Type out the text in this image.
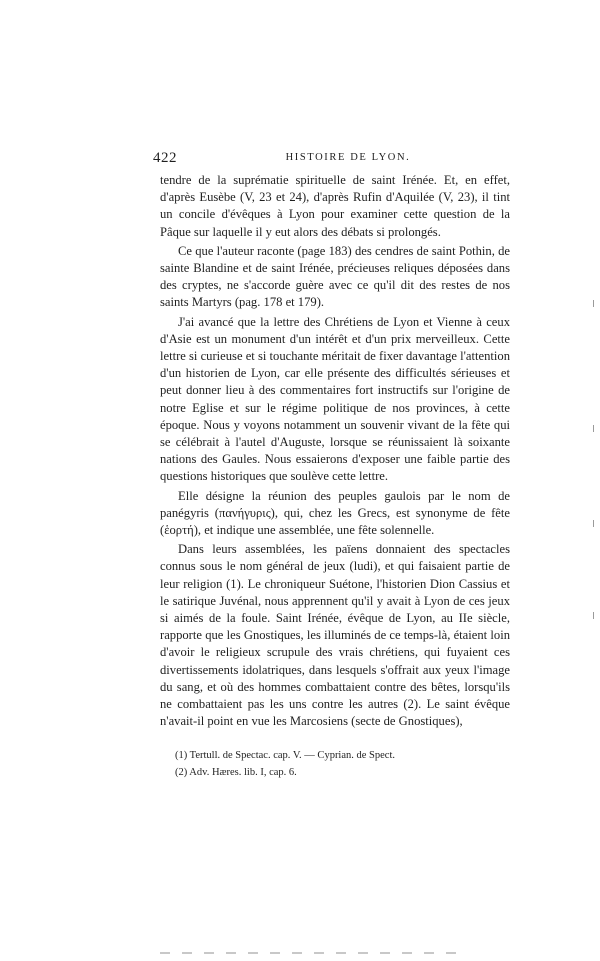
422	HISTOIRE DE LYON.

tendre de la suprématie spirituelle de saint Irénée. Et, en effet, d'après Eusèbe (V, 23 et 24), d'après Rufin d'Aquilée (V, 23), il tint un concile d'évêques à Lyon pour examiner cette question de la Pâque sur laquelle il y eut alors des débats si prolongés.

Ce que l'auteur raconte (page 183) des cendres de saint Pothin, de sainte Blandine et de saint Irénée, précieuses reliques déposées dans des cryptes, ne s'accorde guère avec ce qu'il dit des restes de nos saints Martyrs (pag. 178 et 179).

J'ai avancé que la lettre des Chrétiens de Lyon et Vienne à ceux d'Asie est un monument d'un intérêt et d'un prix merveilleux. Cette lettre si curieuse et si touchante méritait de fixer davantage l'attention d'un historien de Lyon, car elle présente des difficultés sérieuses et peut donner lieu à des commentaires fort instructifs sur l'origine de notre Eglise et sur le régime politique de nos provinces, à cette époque. Nous y voyons notamment un souvenir vivant de la fête qui se célébrait à l'autel d'Auguste, lorsque se réunissaient là soixante nations des Gaules. Nous essaierons d'exposer une faible partie des questions historiques que soulève cette lettre.

Elle désigne la réunion des peuples gaulois par le nom de panégyris (πανήγυρις), qui, chez les Grecs, est synonyme de fête (ἑορτή), et indique une assemblée, une fête solennelle.

Dans leurs assemblées, les païens donnaient des spectacles connus sous le nom général de jeux (ludi), et qui faisaient partie de leur religion (1). Le chroniqueur Suétone, l'historien Dion Cassius et le satirique Juvénal, nous apprennent qu'il y avait à Lyon de ces jeux si aimés de la foule. Saint Irénée, évêque de Lyon, au IIe siècle, rapporte que les Gnostiques, les illuminés de ce temps-là, étaient loin d'avoir le religieux scrupule des vrais chrétiens, qui fuyaient ces divertissements idolatriques, dans lesquels s'offrait aux yeux l'image du sang, et où des hommes combattaient contre des bêtes, lorsqu'ils ne combattaient pas les uns contre les autres (2). Le saint évêque n'avait-il point en vue les Marcosiens (secte de Gnostiques),

(1) Tertull. de Spectac. cap. V. — Cyprian. de Spect.

(2) Adv. Hæres. lib. I, cap. 6.
